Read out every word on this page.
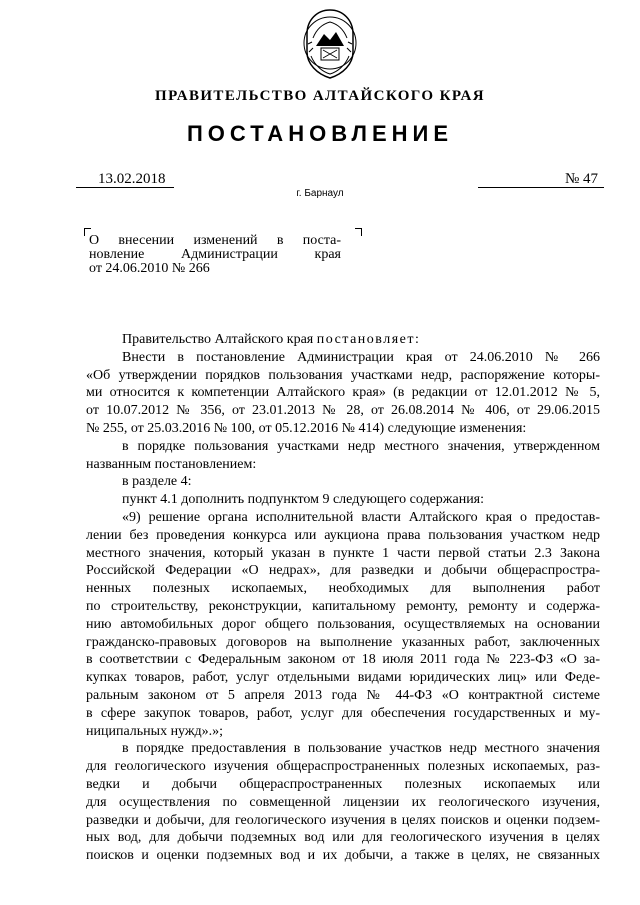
ПРАВИТЕЛЬСТВО АЛТАЙСКОГО КРАЯ
ПОСТАНОВЛЕНИЕ
13.02.2018	№ 47
г. Барнаул
О внесении изменений в поста-
новление Администрации края
от 24.06.2010 № 266
Правительство Алтайского края постановляет:
Внести в постановление Администрации края от 24.06.2010 № 266
«Об утверждении порядков пользования участками недр, распоряжение которы-
ми относится к компетенции Алтайского края» (в редакции от 12.01.2012 № 5,
от 10.07.2012 № 356, от 23.01.2013 № 28, от 26.08.2014 № 406, от 29.06.2015
№ 255, от 25.03.2016 № 100, от 05.12.2016 № 414) следующие изменения:
в порядке пользования участками недр местного значения, утвержденном
названным постановлением:
в разделе 4:
пункт 4.1 дополнить подпунктом 9 следующего содержания:
«9) решение органа исполнительной власти Алтайского края о предостав-
лении без проведения конкурса или аукциона права пользования участком недр
местного значения, который указан в пункте 1 части первой статьи 2.3 Закона
Российской Федерации «О недрах», для разведки и добычи общераспростра-
ненных полезных ископаемых, необходимых для выполнения работ
по строительству, реконструкции, капитальному ремонту, ремонту и содержа-
нию автомобильных дорог общего пользования, осуществляемых на основании
гражданско-правовых договоров на выполнение указанных работ, заключенных
в соответствии с Федеральным законом от 18 июля 2011 года № 223-ФЗ «О за-
купках товаров, работ, услуг отдельными видами юридических лиц» или Феде-
ральным законом от 5 апреля 2013 года № 44-ФЗ «О контрактной системе
в сфере закупок товаров, работ, услуг для обеспечения государственных и му-
ниципальных нужд».»;
в порядке предоставления в пользование участков недр местного значения
для геологического изучения общераспространенных полезных ископаемых, раз-
ведки и добычи общераспространенных полезных ископаемых или
для осуществления по совмещенной лицензии их геологического изучения,
разведки и добычи, для геологического изучения в целях поисков и оценки подзем-
ных вод, для добычи подземных вод или для геологического изучения в целях
поисков и оценки подземных вод и их добычи, а также в целях, не связанных
